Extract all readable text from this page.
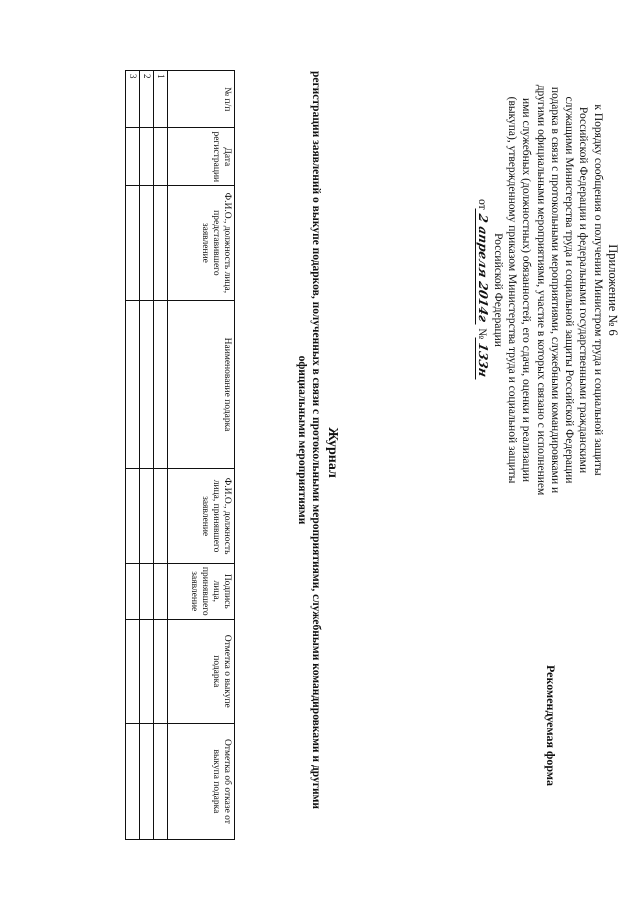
Приложение № 6
к Порядку сообщения о получении Министром труда и социальной защиты
Российской Федерации и федеральными государственными гражданскими
служащими Министерства труда и социальной защиты Российской Федерации
подарка в связи с протокольными мероприятиями, служебными командировками и
другими официальными мероприятиями, участие в которых связано с исполнением
ими служебных (должностных) обязанностей, его сдачи, оценки и реализации
(выкупа), утвержденному приказом Министерства труда и социальной защиты
Российской Федерации
от2 апреля 2014г №133н
Рекомендуемая форма
Журнал
регистрации заявлений о выкупе подарков, полученных в связи с протокольными мероприятиями, служебными командировками и другими официальными мероприятиями
№ п/п	Дата регистрации	Ф.И.О., должность лица, представившего заявление	Наименование подарка	Ф.И.О., должность лица, принявшего заявление	Подпись лица, принявшего заявление	Отметка о выкупе подарка	Отметка об отказе от выкупа подарка
1							
2							
3							
